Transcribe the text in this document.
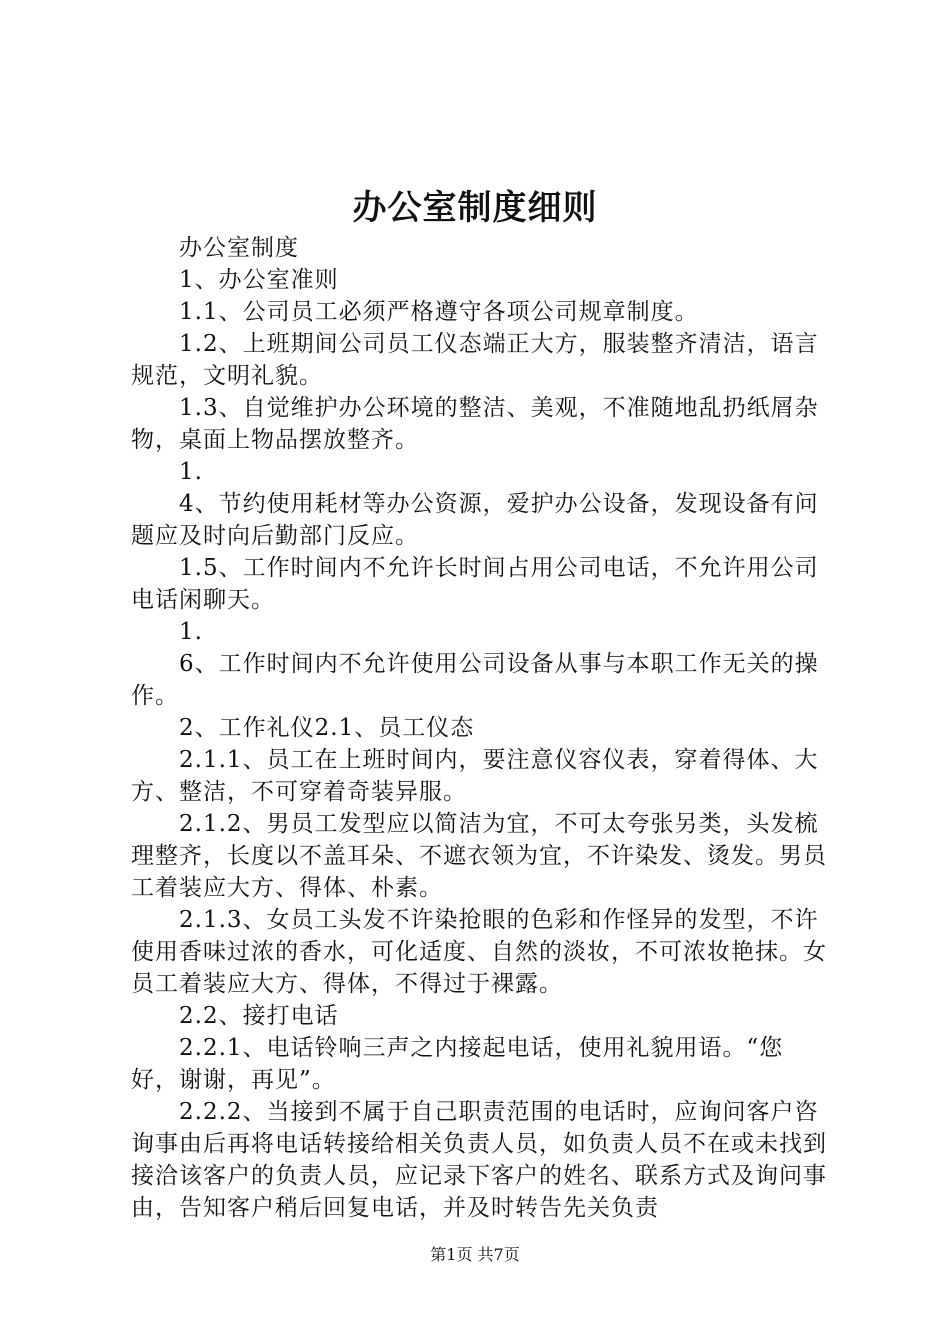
办公室制度细则

办公室制度

1、办公室准则

1.1、公司员工必须严格遵守各项公司规章制度。

1.2、上班期间公司员工仪态端正大方，服装整齐清洁，语言规范，文明礼貌。

1.3、自觉维护办公环境的整洁、美观，不准随地乱扔纸屑杂物，桌面上物品摆放整齐。

1.

4、节约使用耗材等办公资源，爱护办公设备，发现设备有问题应及时向后勤部门反应。

1.5、工作时间内不允许长时间占用公司电话，不允许用公司电话闲聊天。

1.

6、工作时间内不允许使用公司设备从事与本职工作无关的操作。

2、工作礼仪2.1、员工仪态

2.1.1、员工在上班时间内，要注意仪容仪表，穿着得体、大方、整洁，不可穿着奇装异服。

2.1.2、男员工发型应以简洁为宜，不可太夸张另类，头发梳理整齐，长度以不盖耳朵、不遮衣领为宜，不许染发、烫发。男员工着装应大方、得体、朴素。

2.1.3、女员工头发不许染抢眼的色彩和作怪异的发型，不许使用香味过浓的香水，可化适度、自然的淡妆，不可浓妆艳抹。女员工着装应大方、得体，不得过于裸露。

2.2、接打电话

2.2.1、电话铃响三声之内接起电话，使用礼貌用语。“您好，谢谢，再见”。

2.2.2、当接到不属于自己职责范围的电话时，应询问客户咨询事由后再将电话转接给相关负责人员，如负责人员不在或未找到接洽该客户的负责人员，应记录下客户的姓名、联系方式及询问事由，告知客户稍后回复电话，并及时转告先关负责

第1页 共7页
